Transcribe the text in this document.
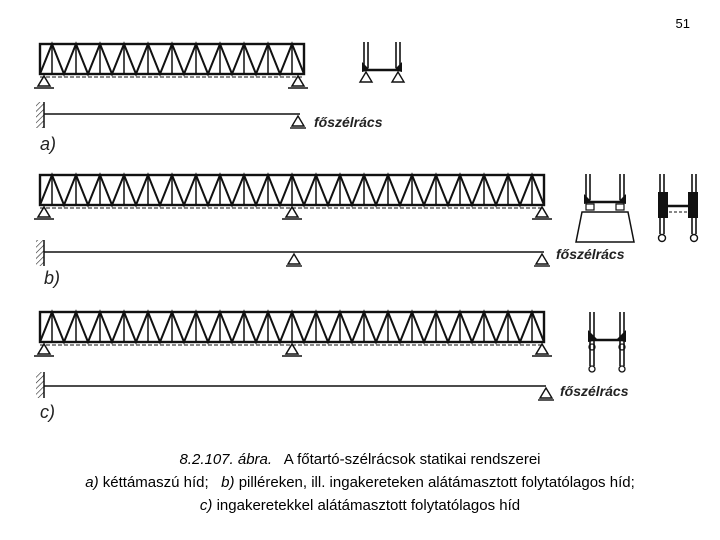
51
főszélrács
a)
főszélrács
b)
főszélrács
c)
8.2.107. ábra. A főtartó-szélrácsok statikai rendszerei
a) kéttámaszú híd; b) pilléreken, ill. ingakereteken alátámasztott folytatólagos híd;
c) ingakeretekkel alátámasztott folytatólagos híd
